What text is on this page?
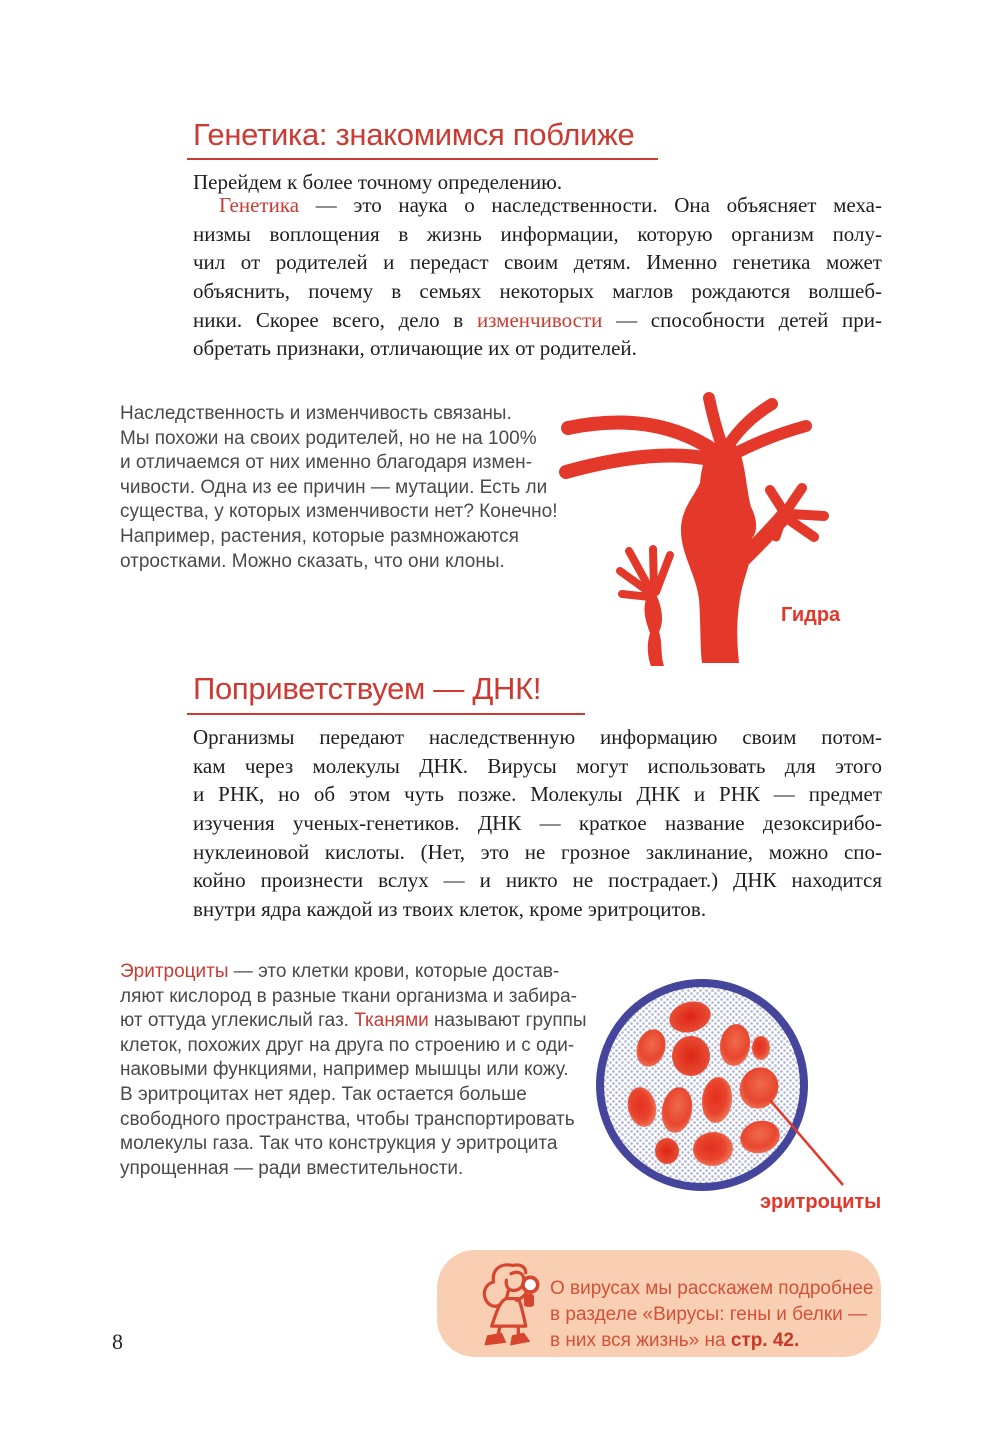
Генетика: знакомимся поближе
Перейдем к более точному определению.
Генетика — это наука о наследственности. Она объясняет меха-
низмы воплощения в жизнь информации, которую организм полу-
чил от родителей и передаст своим детям. Именно генетика может
объяснить, почему в семьях некоторых маглов рождаются волшеб-
ники. Скорее всего, дело в изменчивости — способности детей при-
обретать признаки, отличающие их от родителей.
Наследственность и изменчивость связаны.
Мы похожи на своих родителей, но не на 100%
и отличаемся от них именно благодаря измен-
чивости. Одна из ее причин — мутации. Есть ли
существа, у которых изменчивости нет? Конечно!
Например, растения, которые размножаются
отростками. Можно сказать, что они клоны.
Гидра
Поприветствуем — ДНК!
Организмы передают наследственную информацию своим потом-
кам через молекулы ДНК. Вирусы могут использовать для этого
и РНК, но об этом чуть позже. Молекулы ДНК и РНК — предмет
изучения ученых-генетиков. ДНК — краткое название дезоксирибо-
нуклеиновой кислоты. (Нет, это не грозное заклинание, можно спо-
койно произнести вслух — и никто не пострадает.) ДНК находится
внутри ядра каждой из твоих клеток, кроме эритроцитов.
Эритроциты — это клетки крови, которые достав-
ляют кислород в разные ткани организма и забира-
ют оттуда углекислый газ. Тканями называют группы
клеток, похожих друг на друга по строению и с оди-
наковыми функциями, например мышцы или кожу.
В эритроцитах нет ядер. Так остается больше
свободного пространства, чтобы транспортировать
молекулы газа. Так что конструкция у эритроцита
упрощенная — ради вместительности.
эритроциты
О вирусах мы расскажем подробнее
в разделе «Вирусы: гены и белки —
в них вся жизнь» на стр. 42.
8
